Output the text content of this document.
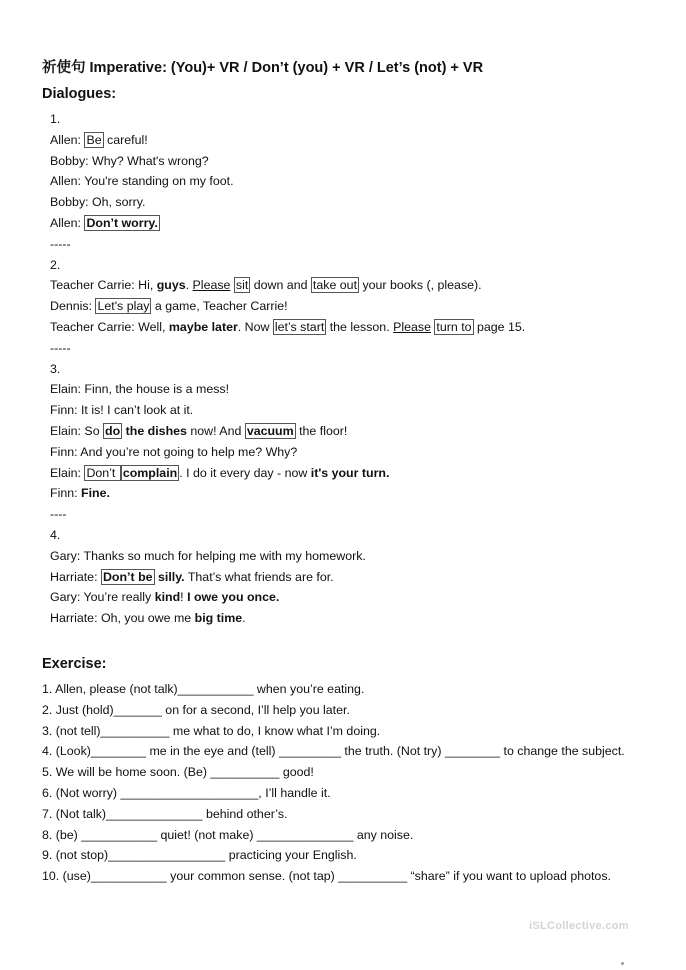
祈使句 Imperative: (You)+ VR / Don’t (you) + VR / Let’s (not) + VR
Dialogues:
1.
Allen: Be careful!
Bobby: Why? What's wrong?
Allen: You're standing on my foot.
Bobby: Oh, sorry.
Allen: Don’t worry.
-----
2.
Teacher Carrie: Hi, guys. Please sit down and take out your books (, please).
Dennis: Let's play a game, Teacher Carrie!
Teacher Carrie: Well, maybe later. Now let’s start the lesson. Please turn to page 15.
-----
3.
Elain: Finn, the house is a mess!
Finn: It is! I can’t look at it.
Elain: So do the dishes now! And vacuum the floor!
Finn: And you’re not going to help me? Why?
Elain: Don’t complain . I do it every day - now it's your turn.
Finn: Fine.
----
4.
Gary: Thanks so much for helping me with my homework.
Harriate: Don’t be silly. That’s what friends are for.
Gary: You’re really kind! I owe you once.
Harriate: Oh, you owe me big time.
Exercise:
1. Allen, please (not talk)___________ when you’re eating.
2. Just (hold)_______ on for a second, I’ll help you later.
3. (not tell)__________ me what to do, I know what I’m doing.
4. (Look)________ me in the eye and (tell) _________ the truth. (Not try) ________ to change the subject.
5. We will be home soon. (Be) __________ good!
6. (Not worry) ____________________, I’ll handle it.
7. (Not talk)______________ behind other’s.
8. (be) ___________ quiet! (not make) ______________ any noise.
9. (not stop)_________________ practicing your English.
10. (use)___________ your common sense. (not tap) __________ “share” if you want to upload photos.
iSLCollective.com
